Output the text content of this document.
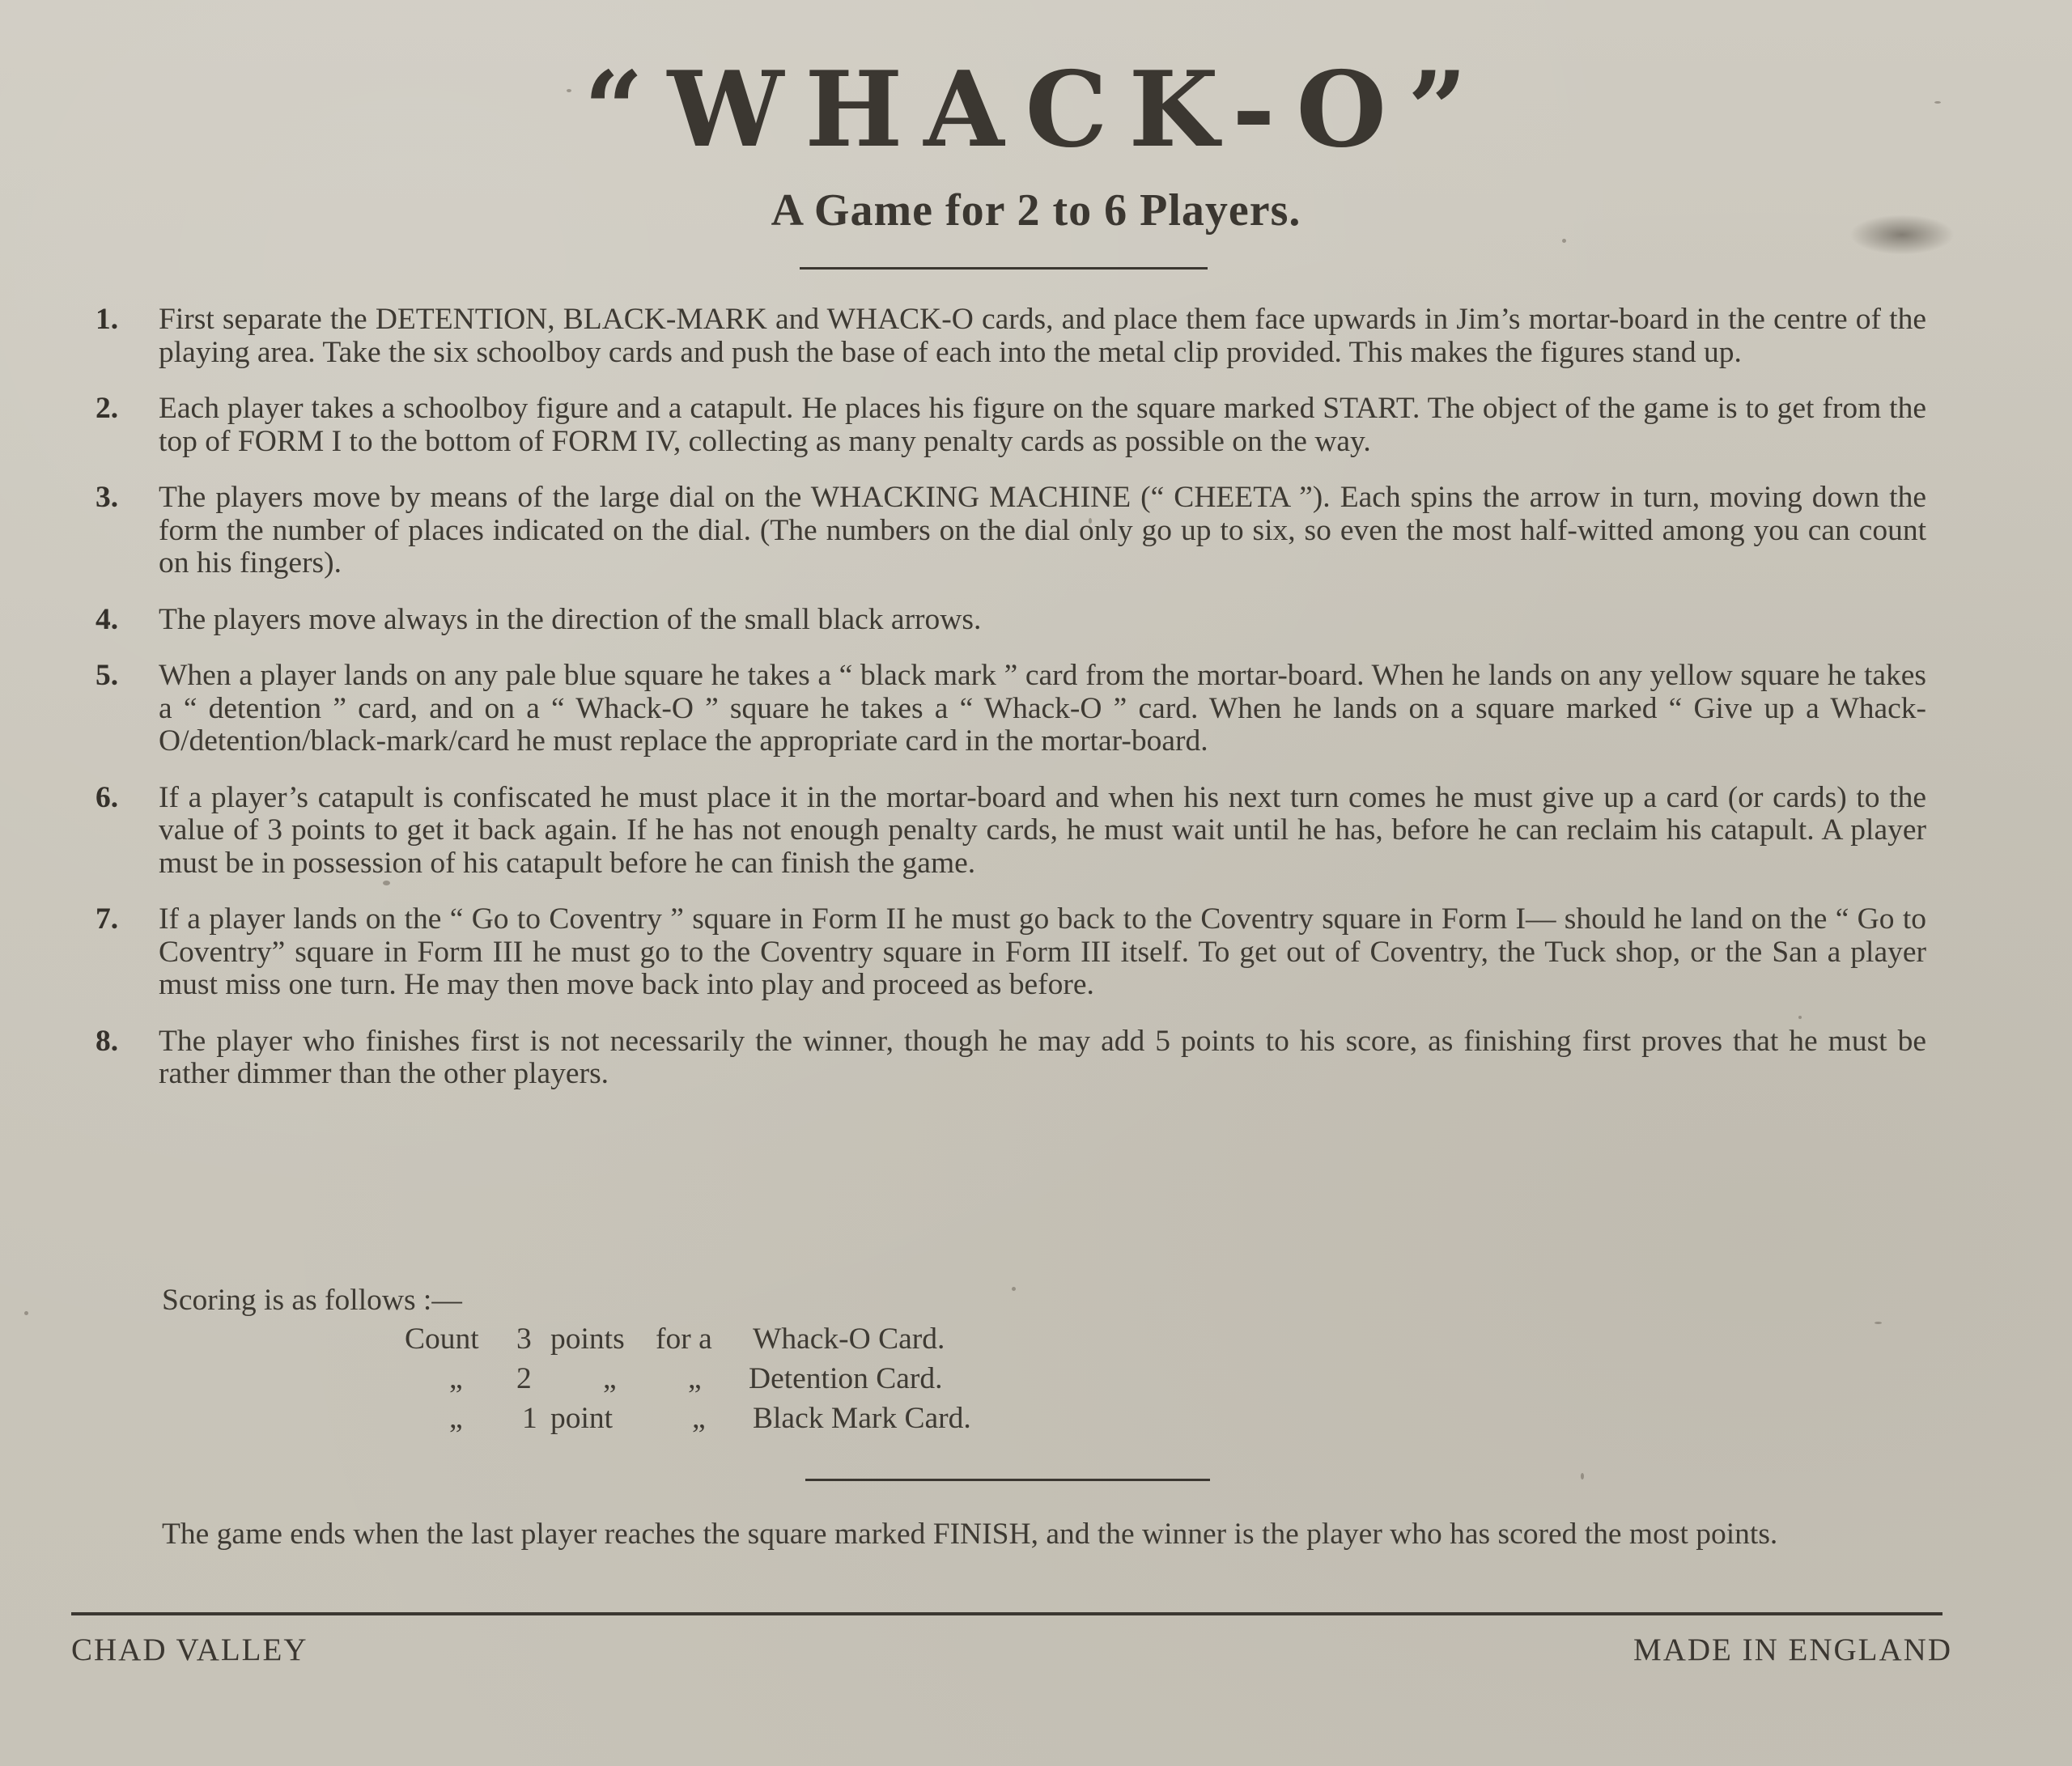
“WHACK-O”
A Game for 2 to 6 Players.
1. First separate the DETENTION, BLACK-MARK and WHACK-O cards, and place them face upwards in Jim’s mortar-board in the centre of the playing area. Take the six schoolboy cards and push the base of each into the metal clip provided. This makes the figures stand up.
2. Each player takes a schoolboy figure and a catapult. He places his figure on the square marked START. The object of the game is to get from the top of FORM I to the bottom of FORM IV, collecting as many penalty cards as possible on the way.
3. The players move by means of the large dial on the WHACKING MACHINE (“ CHEETA ”). Each spins the arrow in turn, moving down the form the number of places indicated on the dial. (The numbers on the dial only go up to six, so even the most half-witted among you can count on his fingers).
4. The players move always in the direction of the small black arrows.
5. When a player lands on any pale blue square he takes a “ black mark ” card from the mortar-board. When he lands on any yellow square he takes a “ detention ” card, and on a “ Whack-O ” square he takes a “ Whack-O ” card. When he lands on a square marked “ Give up a Whack-O/detention/black-mark/card he must replace the appropriate card in the mortar-board.
6. If a player’s catapult is confiscated he must place it in the mortar-board and when his next turn comes he must give up a card (or cards) to the value of 3 points to get it back again. If he has not enough penalty cards, he must wait until he has, before he can reclaim his catapult. A player must be in possession of his catapult before he can finish the game.
7. If a player lands on the “ Go to Coventry ” square in Form II he must go back to the Coventry square in Form I— should he land on the “ Go to Coventry” square in Form III he must go to the Coventry square in Form III itself. To get out of Coventry, the Tuck shop, or the San a player must miss one turn. He may then move back into play and proceed as before.
8. The player who finishes first is not necessarily the winner, though he may add 5 points to his score, as finishing first proves that he must be rather dimmer than the other players.
Scoring is as follows :—
Count 3 points for a Whack-O Card.
„ 2 „ „ Detention Card.
„ 1 point	„ Black Mark Card.
The game ends when the last player reaches the square marked FINISH, and the winner is the player who has scored the most points.
CHAD VALLEY	MADE IN ENGLAND
